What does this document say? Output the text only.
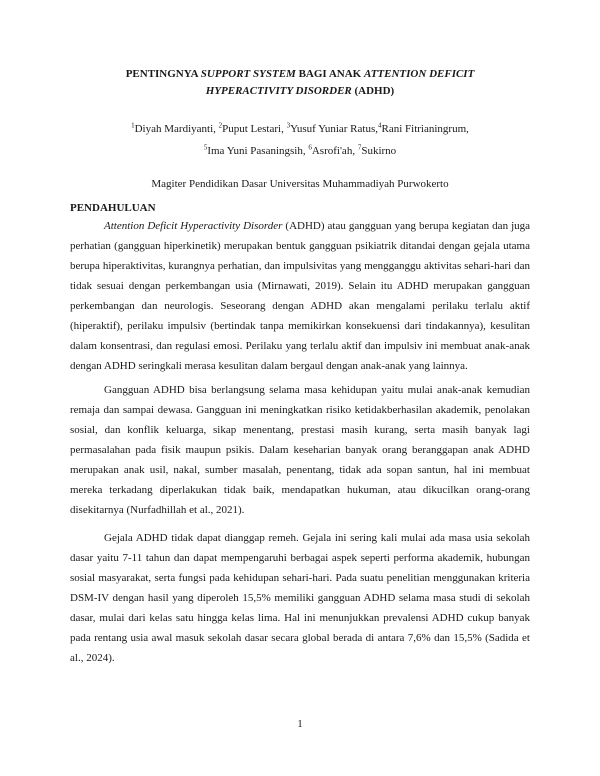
PENTINGNYA SUPPORT SYSTEM BAGI ANAK ATTENTION DEFICIT
HYPERACTIVITY DISORDER (ADHD)
$^1$Diyah Mardiyanti, $^2$Puput Lestari, $^3$Yusuf Yuniar Ratus,$^4$Rani Fitrianingrum,
$^5$Ima Yuni Pasaningsih, $^6$Asrofi'ah, $^7$Sukirno
Magiter Pendidikan Dasar Universitas Muhammadiyah Purwokerto
PENDAHULUAN

Attention Deficit Hyperactivity Disorder (ADHD) atau gangguan yang berupa kegiatan dan juga perhatian (gangguan hiperkinetik) merupakan bentuk gangguan psikiatrik ditandai dengan gejala utama berupa hiperaktivitas, kurangnya perhatian, dan impulsivitas yang mengganggu aktivitas sehari-hari dan tidak sesuai dengan perkembangan usia (Mirnawati, 2019). Selain itu ADHD merupakan gangguan perkembangan dan neurologis. Seseorang dengan ADHD akan mengalami perilaku terlalu aktif (hiperaktif), perilaku impulsiv (bertindak tanpa memikirkan konsekuensi dari tindakannya), kesulitan dalam konsentrasi, dan regulasi emosi. Perilaku yang terlalu aktif dan impulsiv ini membuat anak-anak dengan ADHD seringkali merasa kesulitan dalam bergaul dengan anak-anak yang lainnya.

Gangguan ADHD bisa berlangsung selama masa kehidupan yaitu mulai anak-anak kemudian remaja dan sampai dewasa. Gangguan ini meningkatkan risiko ketidakberhasilan akademik, penolakan sosial, dan konflik keluarga, sikap menentang, prestasi masih kurang, serta masih banyak lagi permasalahan pada fisik maupun psikis. Dalam keseharian banyak orang beranggapan anak ADHD merupakan anak usil, nakal, sumber masalah, penentang, tidak ada sopan santun, hal ini membuat mereka terkadang diperlakukan tidak baik, mendapatkan hukuman, atau dikucilkan orang-orang disekitarnya (Nurfadhillah et al., 2021).

Gejala ADHD tidak dapat dianggap remeh. Gejala ini sering kali mulai ada masa usia sekolah dasar yaitu 7-11 tahun dan dapat mempengaruhi berbagai aspek seperti performa akademik, hubungan sosial masyarakat, serta fungsi pada kehidupan sehari-hari. Pada suatu penelitian menggunakan kriteria DSM-IV dengan hasil yang diperoleh 15,5% memiliki gangguan ADHD selama masa studi di sekolah dasar, mulai dari kelas satu hingga kelas lima. Hal ini menunjukkan prevalensi ADHD cukup banyak pada rentang usia awal masuk sekolah dasar secara global berada di antara 7,6% dan 15,5% (Sadida et al., 2024).

1
